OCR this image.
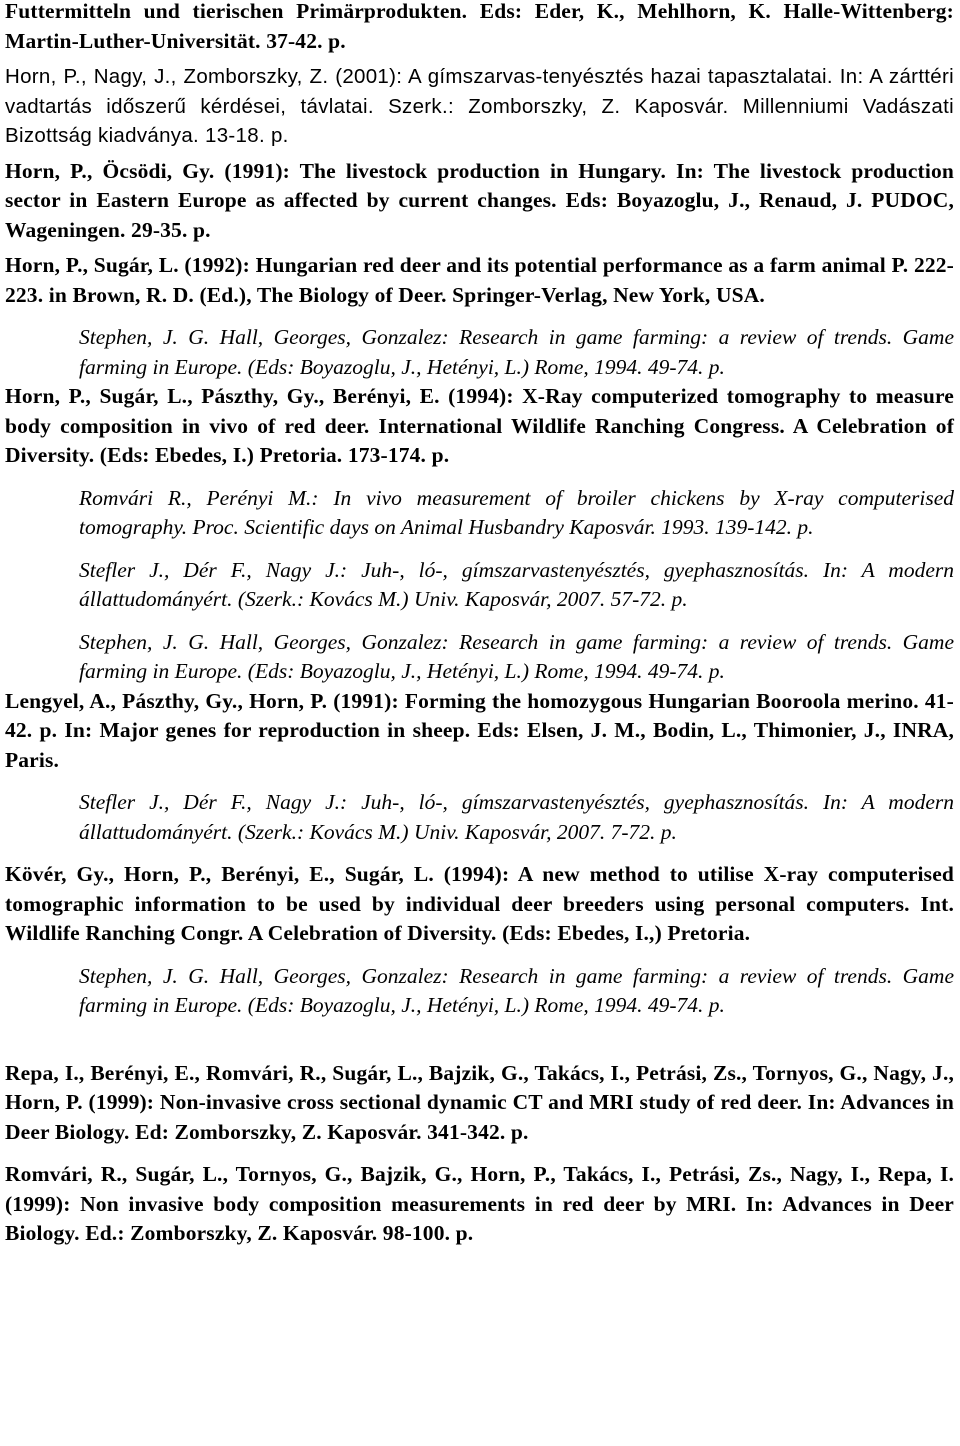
Futtermitteln und tierischen Primärprodukten. Eds: Eder, K., Mehlhorn, K. Halle-Wittenberg: Martin-Luther-Universität. 37-42. p.

Horn, P., Nagy, J., Zomborszky, Z. (2001): A gímszarvas-tenyésztés hazai tapasztalatai. In: A zárttéri vadtartás időszerű kérdései, távlatai. Szerk.: Zomborszky, Z. Kaposvár. Millenniumi Vadászati Bizottság kiadványa. 13-18. p.

Horn, P., Öcsödi, Gy. (1991): The livestock production in Hungary. In: The livestock production sector in Eastern Europe as affected by current changes. Eds: Boyazoglu, J., Renaud, J. PUDOC, Wageningen. 29-35. p.

Horn, P., Sugár, L. (1992): Hungarian red deer and its potential performance as a farm animal P. 222-223. in Brown, R. D. (Ed.), The Biology of Deer. Springer-Verlag, New York, USA.

Stephen, J. G. Hall, Georges, Gonzalez: Research in game farming: a review of trends. Game farming in Europe. (Eds: Boyazoglu, J., Hetényi, L.) Rome, 1994. 49-74. p.

Horn, P., Sugár, L., Pászthy, Gy., Berényi, E. (1994): X-Ray computerized tomography to measure body composition in vivo of red deer. International Wildlife Ranching Congress. A Celebration of Diversity. (Eds: Ebedes, I.) Pretoria. 173-174. p.

Romvári R., Perényi M.: In vivo measurement of broiler chickens by X-ray computerised tomography. Proc. Scientific days on Animal Husbandry Kaposvár. 1993. 139-142. p.

Stefler J., Dér F., Nagy J.: Juh-, ló-, gímszarvastenyésztés, gyephasznosítás. In: A modern állattudományért. (Szerk.: Kovács M.) Univ. Kaposvár, 2007. 57-72. p.

Stephen, J. G. Hall, Georges, Gonzalez: Research in game farming: a review of trends. Game farming in Europe. (Eds: Boyazoglu, J., Hetényi, L.) Rome, 1994. 49-74. p.

Lengyel, A., Pászthy, Gy., Horn, P. (1991): Forming the homozygous Hungarian Booroola merino. 41-42. p. In: Major genes for reproduction in sheep. Eds: Elsen, J. M., Bodin, L., Thimonier, J., INRA, Paris.

Stefler J., Dér F., Nagy J.: Juh-, ló-, gímszarvastenyésztés, gyephasznosítás. In: A modern állattudományért. (Szerk.: Kovács M.) Univ. Kaposvár, 2007. 7-72. p.

Kövér, Gy., Horn, P., Berényi, E., Sugár, L. (1994): A new method to utilise X-ray computerised tomographic information to be used by individual deer breeders using personal computers. Int. Wildlife Ranching Congr. A Celebration of Diversity. (Eds: Ebedes, I.,) Pretoria.

Stephen, J. G. Hall, Georges, Gonzalez: Research in game farming: a review of trends. Game farming in Europe. (Eds: Boyazoglu, J., Hetényi, L.) Rome, 1994. 49-74. p.

Repa, I., Berényi, E., Romvári, R., Sugár, L., Bajzik, G., Takács, I., Petrási, Zs., Tornyos, G., Nagy, J., Horn, P. (1999): Non-invasive cross sectional dynamic CT and MRI study of red deer. In: Advances in Deer Biology. Ed: Zomborszky, Z. Kaposvár. 341-342. p.

Romvári, R., Sugár, L., Tornyos, G., Bajzik, G., Horn, P., Takács, I., Petrási, Zs., Nagy, I., Repa, I. (1999): Non invasive body composition measurements in red deer by MRI. In: Advances in Deer Biology. Ed.: Zomborszky, Z. Kaposvár. 98-100. p.
